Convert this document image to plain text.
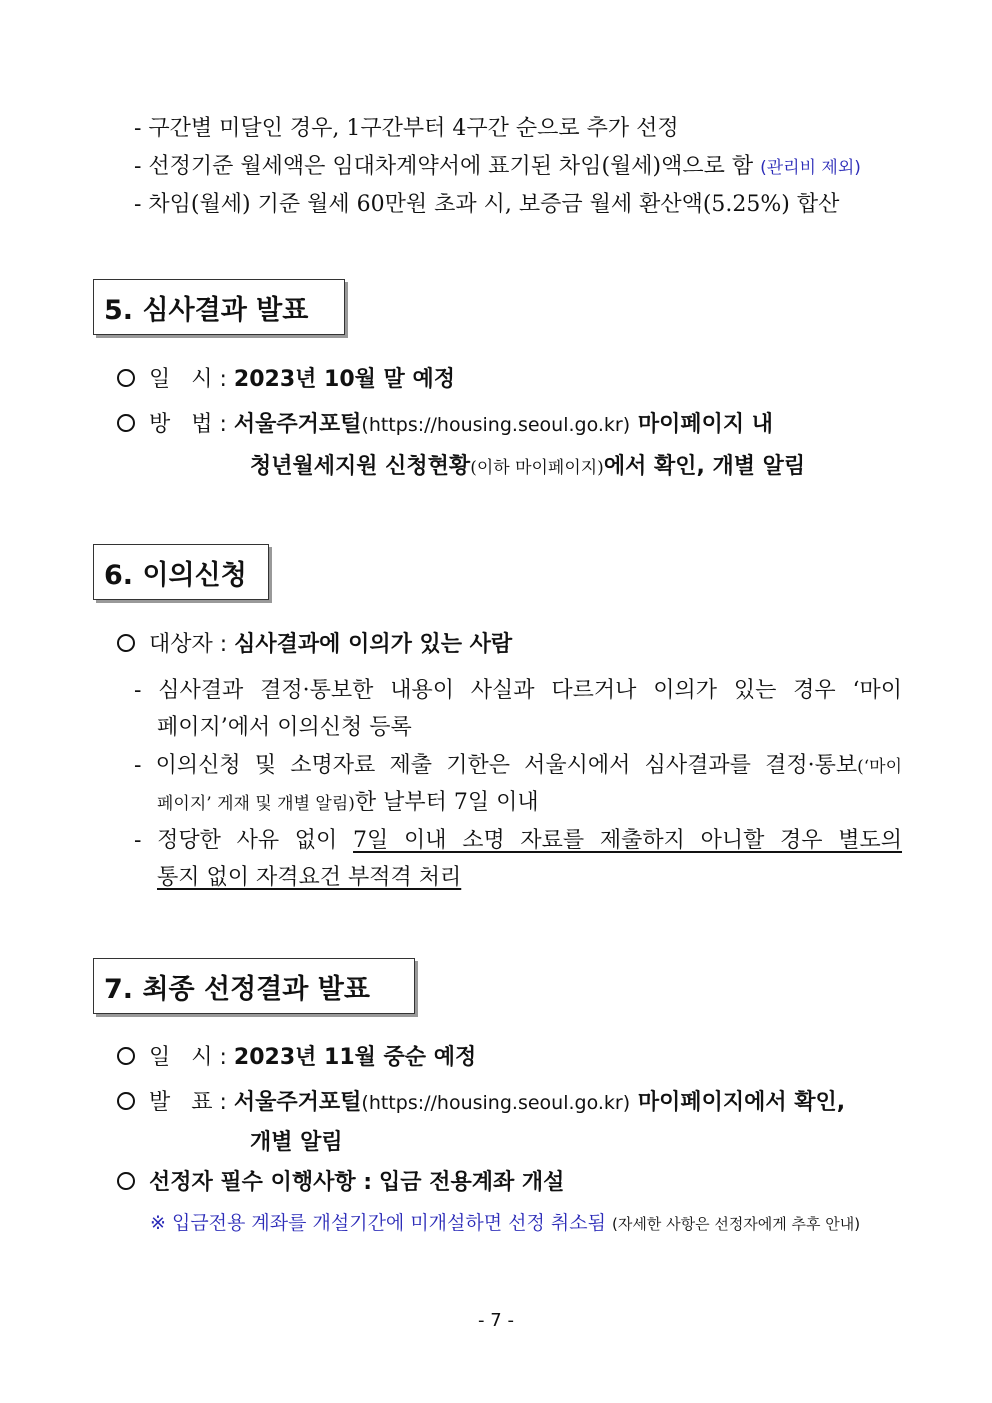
- 구간별 미달인 경우, 1구간부터 4구간 순으로 추가 선정
- 선정기준 월세액은 임대차계약서에 표기된 차임(월세)액으로 함 (관리비 제외)
- 차임(월세) 기준 월세 60만원 초과 시, 보증금 월세 환산액(5.25%) 합산
5. 심사결과 발표
일   시 : 2023년 10월 말 예정
방   법 : 서울주거포털(https://housing.seoul.go.kr) 마이페이지 내
청년월세지원 신청현황(이하 마이페이지)에서 확인, 개별 알림
6. 이의신청
대상자 : 심사결과에 이의가 있는 사람
- 심사결과 결정·통보한 내용이 사실과 다르거나 이의가 있는 경우 ‘마이
페이지’에서 이의신청 등록
- 이의신청 및 소명자료 제출 기한은 서울시에서 심사결과를 결정·통보(‘마이
페이지’ 게재 및 개별 알림)한 날부터 7일 이내
- 정당한 사유 없이 7일 이내 소명 자료를 제출하지 아니할 경우 별도의
통지 없이 자격요건 부적격 처리
7. 최종 선정결과 발표
일   시 : 2023년 11월 중순 예정
발   표 : 서울주거포털(https://housing.seoul.go.kr) 마이페이지에서 확인,
개별 알림
선정자 필수 이행사항 : 입금 전용계좌 개설
※ 입금전용 계좌를 개설기간에 미개설하면 선정 취소됨 (자세한 사항은 선정자에게 추후 안내)
- 7 -
